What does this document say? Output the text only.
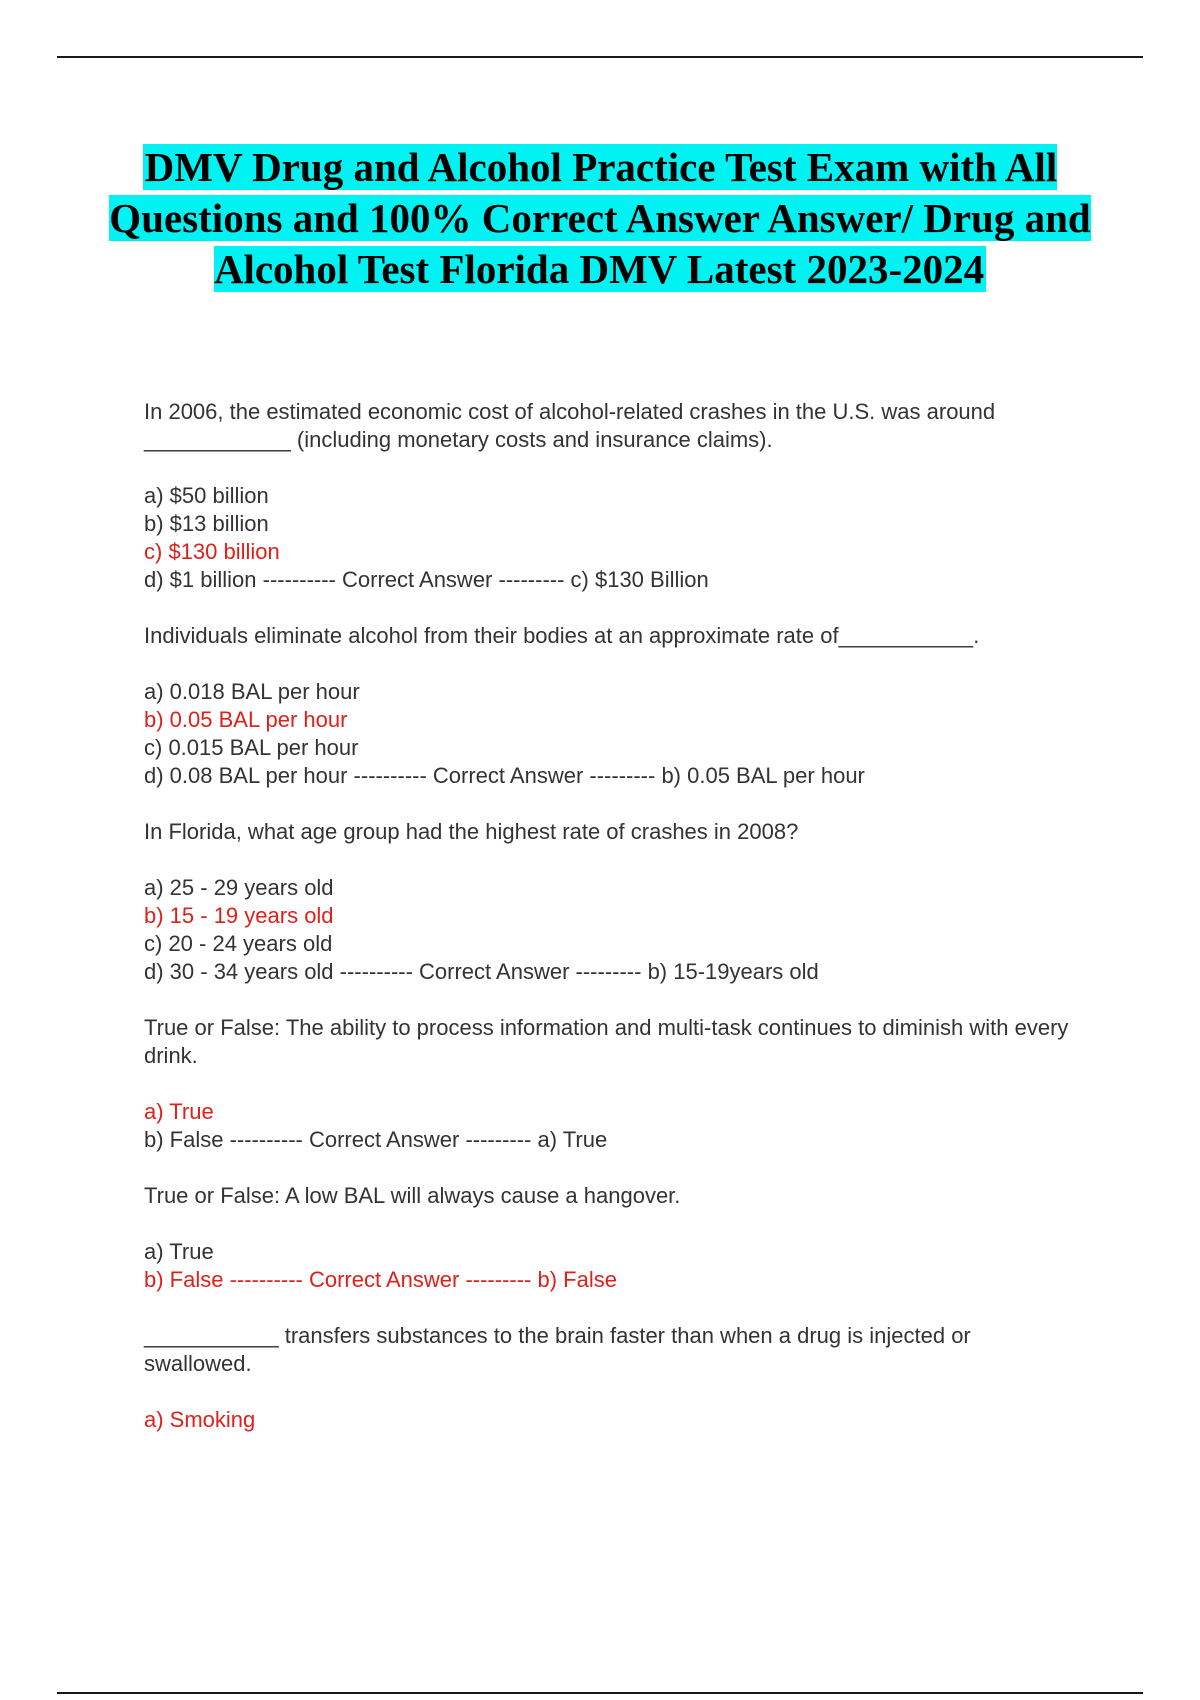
DMV Drug and Alcohol Practice Test Exam with All Questions and 100% Correct Answer Answer/ Drug and Alcohol Test Florida DMV Latest 2023-2024
In 2006, the estimated economic cost of alcohol-related crashes in the U.S. was around ____________ (including monetary costs and insurance claims).
a) $50 billion
b) $13 billion
c) $130 billion
d) $1 billion ---------- Correct Answer --------- c) $130 Billion
Individuals eliminate alcohol from their bodies at an approximate rate of___________.
a) 0.018 BAL per hour
b) 0.05 BAL per hour
c) 0.015 BAL per hour
d) 0.08 BAL per hour ---------- Correct Answer --------- b) 0.05 BAL per hour
In Florida, what age group had the highest rate of crashes in 2008?
a) 25 - 29 years old
b) 15 - 19 years old
c) 20 - 24 years old
d) 30 - 34 years old ---------- Correct Answer --------- b) 15-19years old
True or False: The ability to process information and multi-task continues to diminish with every drink.
a) True
b) False ---------- Correct Answer --------- a) True
True or False: A low BAL will always cause a hangover.
a) True
b) False ---------- Correct Answer --------- b) False
___________ transfers substances to the brain faster than when a drug is injected or swallowed.
a) Smoking
